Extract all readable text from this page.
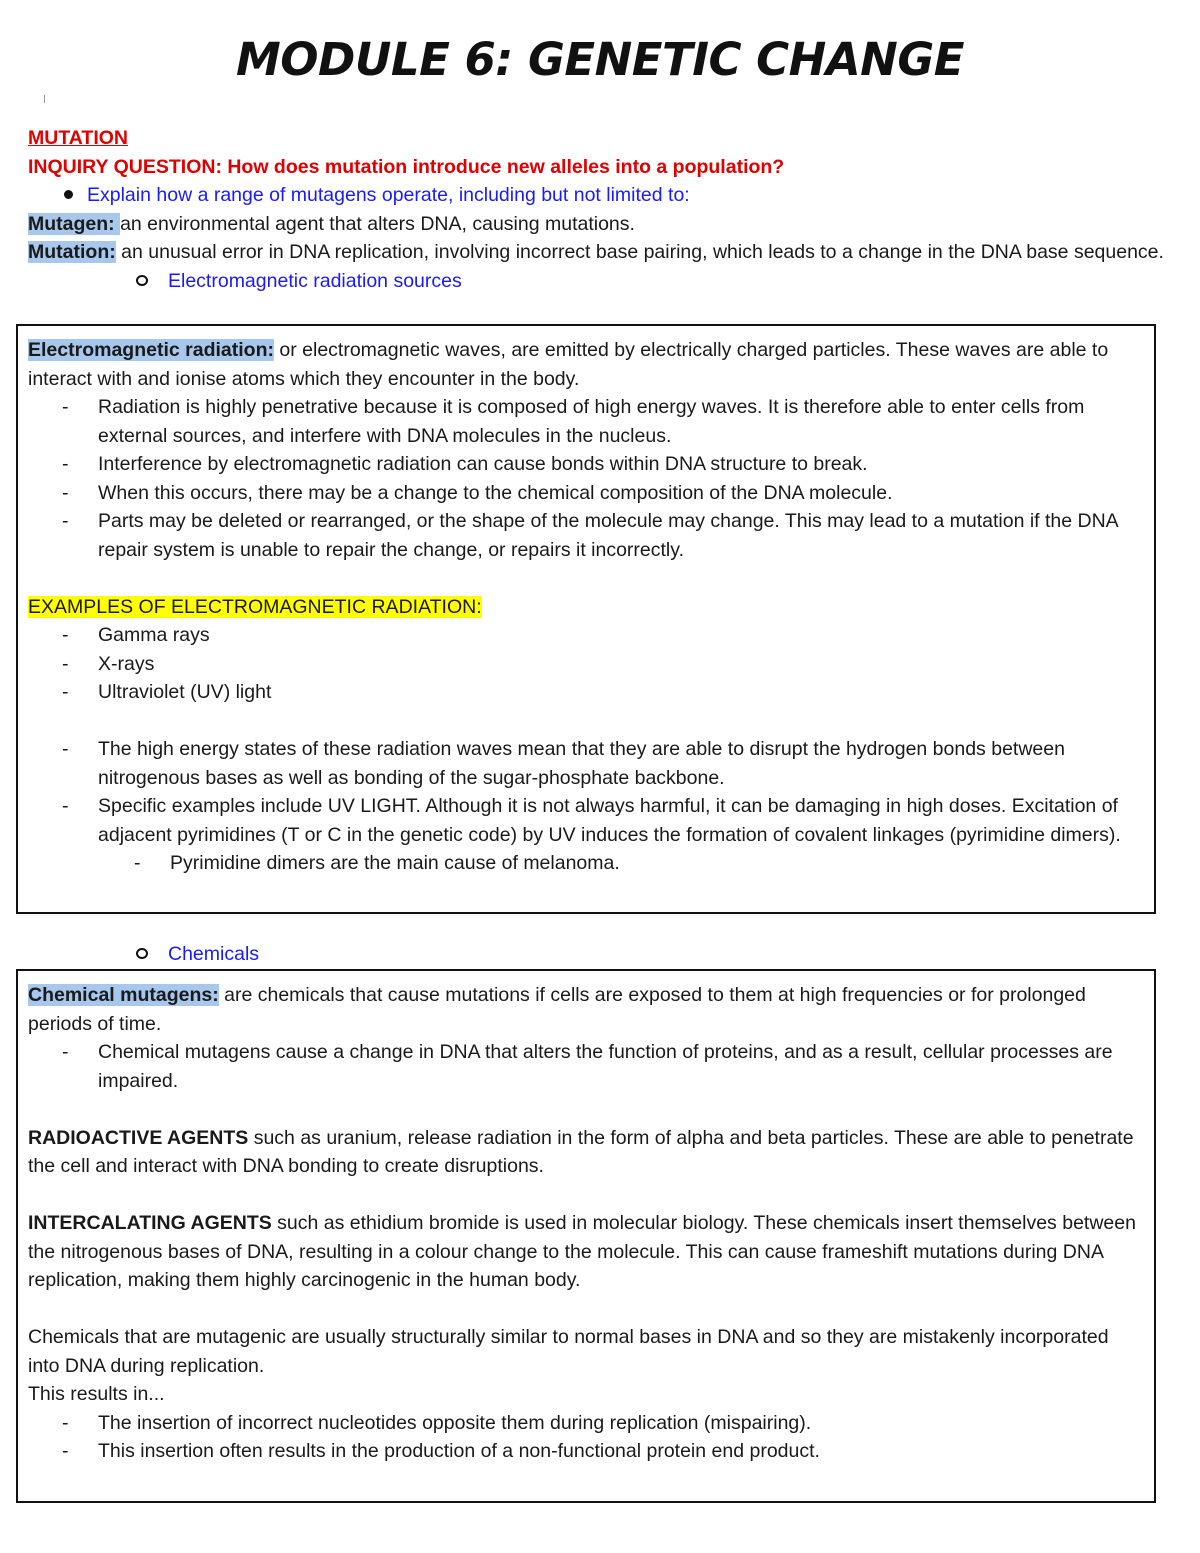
MODULE 6: GENETIC CHANGE

MUTATION

INQUIRY QUESTION: How does mutation introduce new alleles into a population?

Explain how a range of mutagens operate, including but not limited to:

Mutagen: an environmental agent that alters DNA, causing mutations.

Mutation: an unusual error in DNA replication, involving incorrect base pairing, which leads to a change in the DNA base sequence.

Electromagnetic radiation sources

Electromagnetic radiation: or electromagnetic waves, are emitted by electrically charged particles. These waves are able to interact with and ionise atoms which they encounter in the body.

- Radiation is highly penetrative because it is composed of high energy waves. It is therefore able to enter cells from external sources, and interfere with DNA molecules in the nucleus.
- Interference by electromagnetic radiation can cause bonds within DNA structure to break.
- When this occurs, there may be a change to the chemical composition of the DNA molecule.
- Parts may be deleted or rearranged, or the shape of the molecule may change. This may lead to a mutation if the DNA repair system is unable to repair the change, or repairs it incorrectly.

EXAMPLES OF ELECTROMAGNETIC RADIATION:

- Gamma rays
- X-rays
- Ultraviolet (UV) light
- The high energy states of these radiation waves mean that they are able to disrupt the hydrogen bonds between nitrogenous bases as well as bonding of the sugar-phosphate backbone.
- Specific examples include UV LIGHT. Although it is not always harmful, it can be damaging in high doses. Excitation of adjacent pyrimidines (T or C in the genetic code) by UV induces the formation of covalent linkages (pyrimidine dimers).
- Pyrimidine dimers are the main cause of melanoma.
Chemicals

Chemical mutagens: are chemicals that cause mutations if cells are exposed to them at high frequencies or for prolonged periods of time.

- Chemical mutagens cause a change in DNA that alters the function of proteins, and as a result, cellular processes are impaired.

RADIOACTIVE AGENTS such as uranium, release radiation in the form of alpha and beta particles. These are able to penetrate the cell and interact with DNA bonding to create disruptions.

INTERCALATING AGENTS such as ethidium bromide is used in molecular biology. These chemicals insert themselves between the nitrogenous bases of DNA, resulting in a colour change to the molecule. This can cause frameshift mutations during DNA replication, making them highly carcinogenic in the human body.

Chemicals that are mutagenic are usually structurally similar to normal bases in DNA and so they are mistakenly incorporated into DNA during replication.

This results in...

- The insertion of incorrect nucleotides opposite them during replication (mispairing).
- This insertion often results in the production of a non-functional protein end product.
